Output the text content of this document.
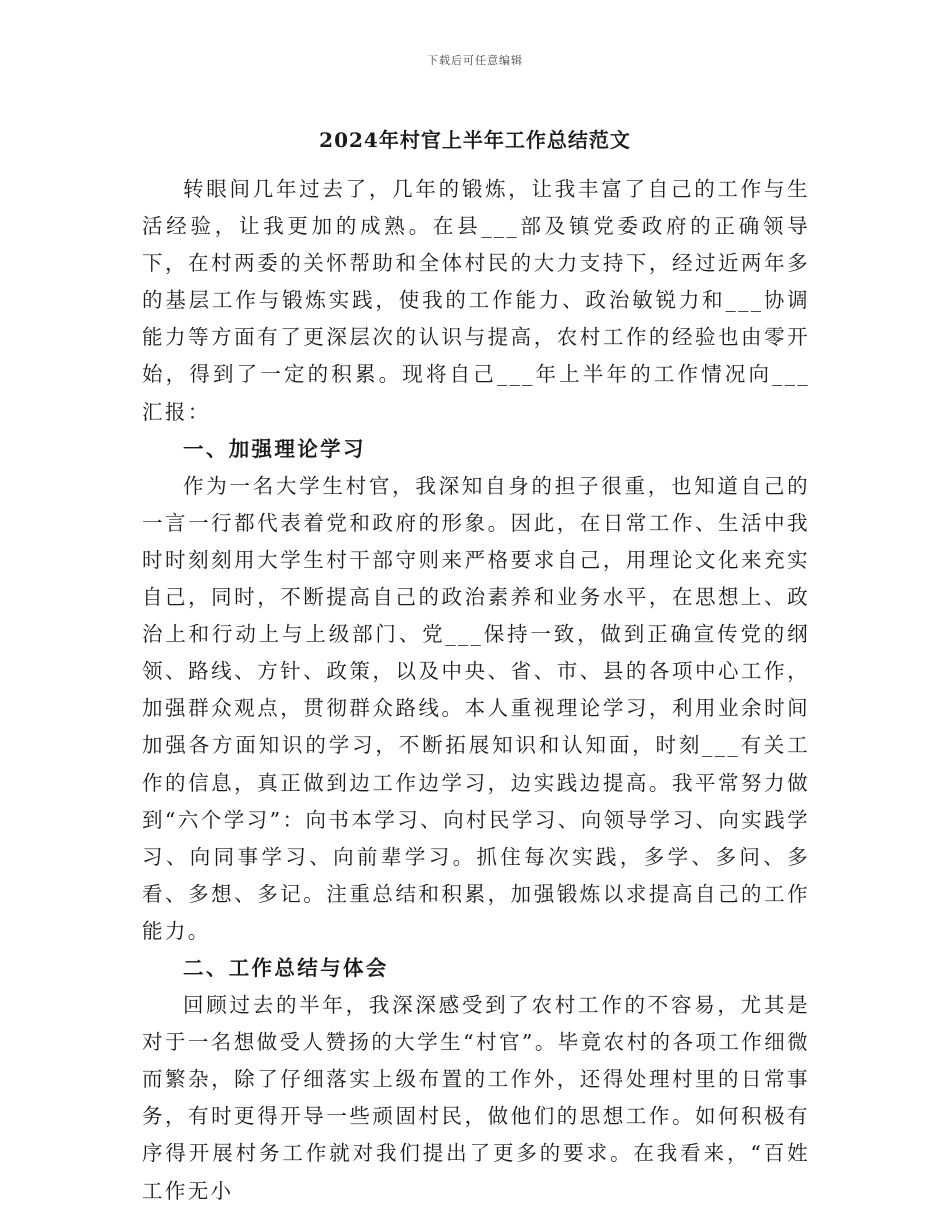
下载后可任意编辑
2024年村官上半年工作总结范文

转眼间几年过去了，几年的锻炼，让我丰富了自己的工作与生活经验，让我更加的成熟。在县___部及镇党委政府的正确领导下，在村两委的关怀帮助和全体村民的大力支持下，经过近两年多的基层工作与锻炼实践，使我的工作能力、政治敏锐力和___协调能力等方面有了更深层次的认识与提高，农村工作的经验也由零开始，得到了一定的积累。现将自己___年上半年的工作情况向___汇报：

一、加强理论学习

作为一名大学生村官，我深知自身的担子很重，也知道自己的一言一行都代表着党和政府的形象。因此，在日常工作、生活中我时时刻刻用大学生村干部守则来严格要求自己，用理论文化来充实自己，同时，不断提高自己的政治素养和业务水平，在思想上、政治上和行动上与上级部门、党___保持一致，做到正确宣传党的纲领、路线、方针、政策，以及中央、省、市、县的各项中心工作，加强群众观点，贯彻群众路线。本人重视理论学习，利用业余时间加强各方面知识的学习，不断拓展知识和认知面，时刻___有关工作的信息，真正做到边工作边学习，边实践边提高。我平常努力做到“六个学习”：向书本学习、向村民学习、向领导学习、向实践学习、向同事学习、向前辈学习。抓住每次实践，多学、多问、多看、多想、多记。注重总结和积累，加强锻炼以求提高自己的工作能力。

二、工作总结与体会

回顾过去的半年，我深深感受到了农村工作的不容易，尤其是对于一名想做受人赞扬的大学生“村官”。毕竟农村的各项工作细微而繁杂，除了仔细落实上级布置的工作外，还得处理村里的日常事务，有时更得开导一些顽固村民，做他们的思想工作。如何积极有序得开展村务工作就对我们提出了更多的要求。在我看来，“百姓工作无小
